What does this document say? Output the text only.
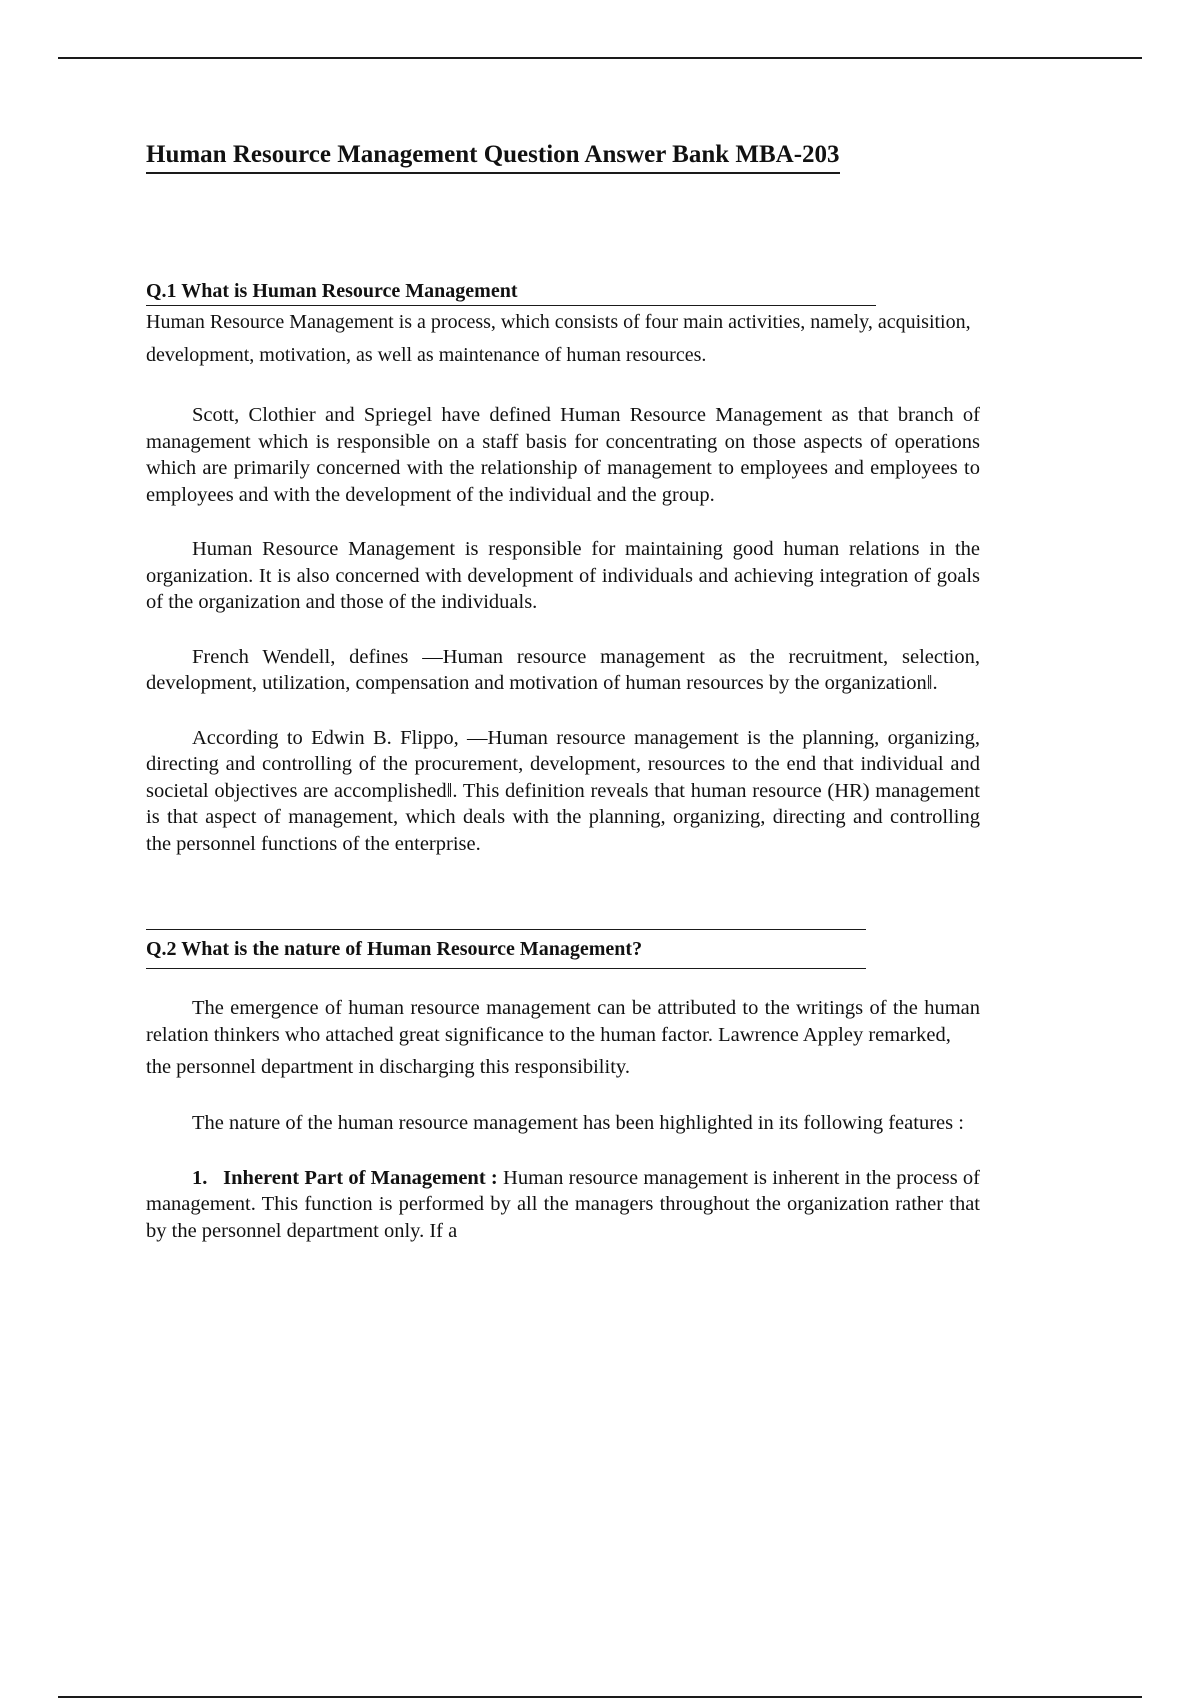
Human Resource Management Question Answer Bank MBA-203
Q.1 What is Human Resource Management

Human Resource Management is a process, which consists of four main activities, namely, acquisition, development, motivation, as well as maintenance of human resources.

Scott, Clothier and Spriegel have defined Human Resource Management as that branch of management which is responsible on a staff basis for concentrating on those aspects of operations which are primarily concerned with the relationship of management to employees and employees to employees and with the development of the individual and the group.

Human Resource Management is responsible for maintaining good human relations in the organization. It is also concerned with development of individuals and achieving integration of goals of the organization and those of the individuals.

French Wendell, defines ―Human resource management as the recruitment, selection, development, utilization, compensation and motivation of human resources by the organization‖.

According to Edwin B. Flippo, ―Human resource management is the planning, organizing, directing and controlling of the procurement, development, resources to the end that individual and societal objectives are accomplished‖. This definition reveals that human resource (HR) management is that aspect of management, which deals with the planning, organizing, directing and controlling the personnel functions of the enterprise.

Q.2 What is the nature of Human Resource Management?

The emergence of human resource management can be attributed to the writings of the human relation thinkers who attached great significance to the human factor. Lawrence Appley remarked,

the personnel department in discharging this responsibility.

The nature of the human resource management has been highlighted in its following features :

1. Inherent Part of Management : Human resource management is inherent in the process of management. This function is performed by all the managers throughout the organization rather that by the personnel department only. If a
